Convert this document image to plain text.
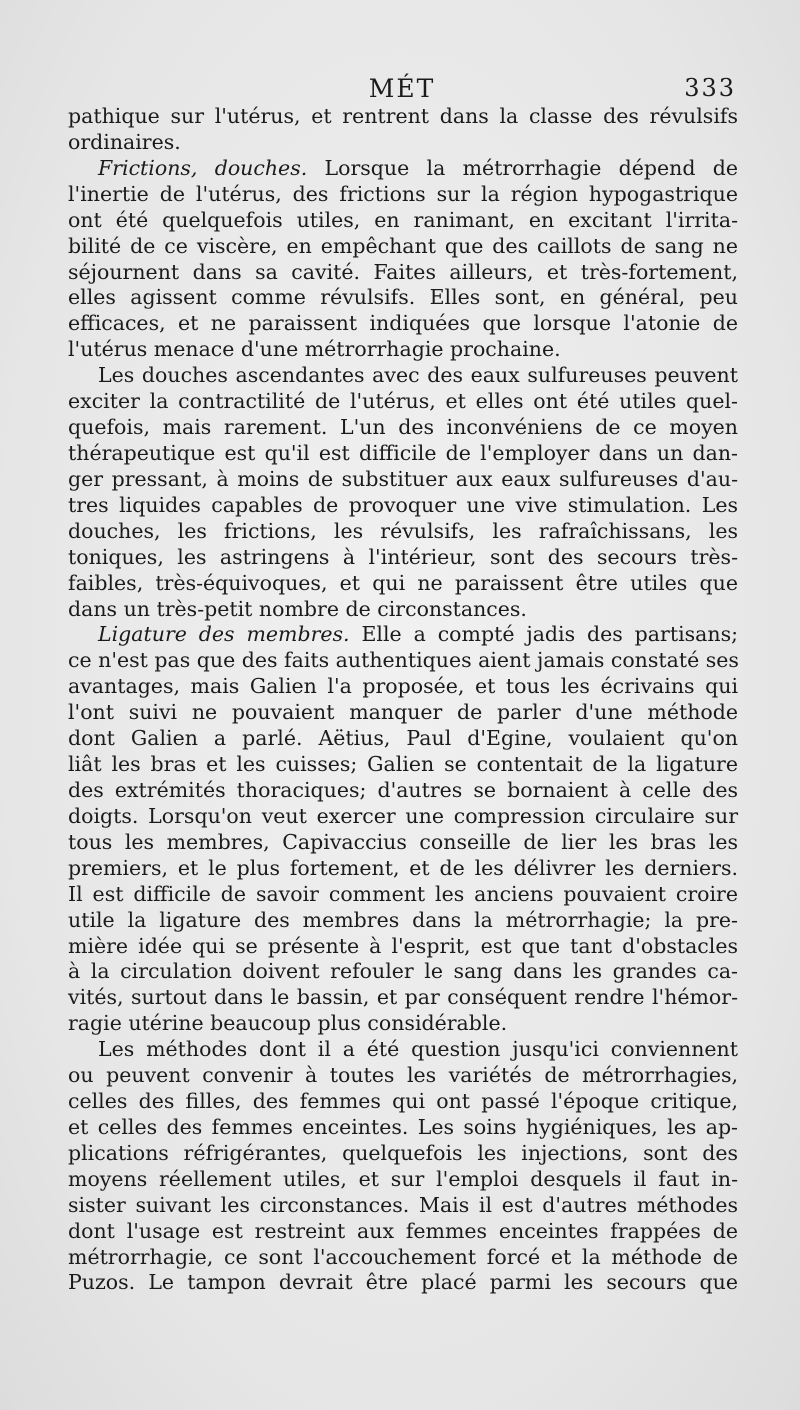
MÉT	333
pathique sur l'utérus, et rentrent dans la classe des révulsifs
ordinaires.
Frictions, douches. Lorsque la métrorrhagie dépend de
l'inertie de l'utérus, des frictions sur la région hypogastrique
ont été quelquefois utiles, en ranimant, en excitant l'irrita-
bilité de ce viscère, en empêchant que des caillots de sang ne
séjournent dans sa cavité. Faites ailleurs, et très-fortement,
elles agissent comme révulsifs. Elles sont, en général, peu
efficaces, et ne paraissent indiquées que lorsque l'atonie de
l'utérus menace d'une métrorrhagie prochaine.
Les douches ascendantes avec des eaux sulfureuses peuvent
exciter la contractilité de l'utérus, et elles ont été utiles quel-
quefois, mais rarement. L'un des inconvéniens de ce moyen
thérapeutique est qu'il est difficile de l'employer dans un dan-
ger pressant, à moins de substituer aux eaux sulfureuses d'au-
tres liquides capables de provoquer une vive stimulation. Les
douches, les frictions, les révulsifs, les rafraîchissans, les
toniques, les astringens à l'intérieur, sont des secours très-
faibles, très-équivoques, et qui ne paraissent être utiles que
dans un très-petit nombre de circonstances.
Ligature des membres. Elle a compté jadis des partisans;
ce n'est pas que des faits authentiques aient jamais constaté ses
avantages, mais Galien l'a proposée, et tous les écrivains qui
l'ont suivi ne pouvaient manquer de parler d'une méthode
dont Galien a parlé. Aëtius, Paul d'Egine, voulaient qu'on
liât les bras et les cuisses; Galien se contentait de la ligature
des extrémités thoraciques; d'autres se bornaient à celle des
doigts. Lorsqu'on veut exercer une compression circulaire sur
tous les membres, Capivaccius conseille de lier les bras les
premiers, et le plus fortement, et de les délivrer les derniers.
Il est difficile de savoir comment les anciens pouvaient croire
utile la ligature des membres dans la métrorrhagie; la pre-
mière idée qui se présente à l'esprit, est que tant d'obstacles
à la circulation doivent refouler le sang dans les grandes ca-
vités, surtout dans le bassin, et par conséquent rendre l'hémor-
ragie utérine beaucoup plus considérable.
Les méthodes dont il a été question jusqu'ici conviennent
ou peuvent convenir à toutes les variétés de métrorrhagies,
celles des filles, des femmes qui ont passé l'époque critique,
et celles des femmes enceintes. Les soins hygiéniques, les ap-
plications réfrigérantes, quelquefois les injections, sont des
moyens réellement utiles, et sur l'emploi desquels il faut in-
sister suivant les circonstances. Mais il est d'autres méthodes
dont l'usage est restreint aux femmes enceintes frappées de
métrorrhagie, ce sont l'accouchement forcé et la méthode de
Puzos. Le tampon devrait être placé parmi les secours que
